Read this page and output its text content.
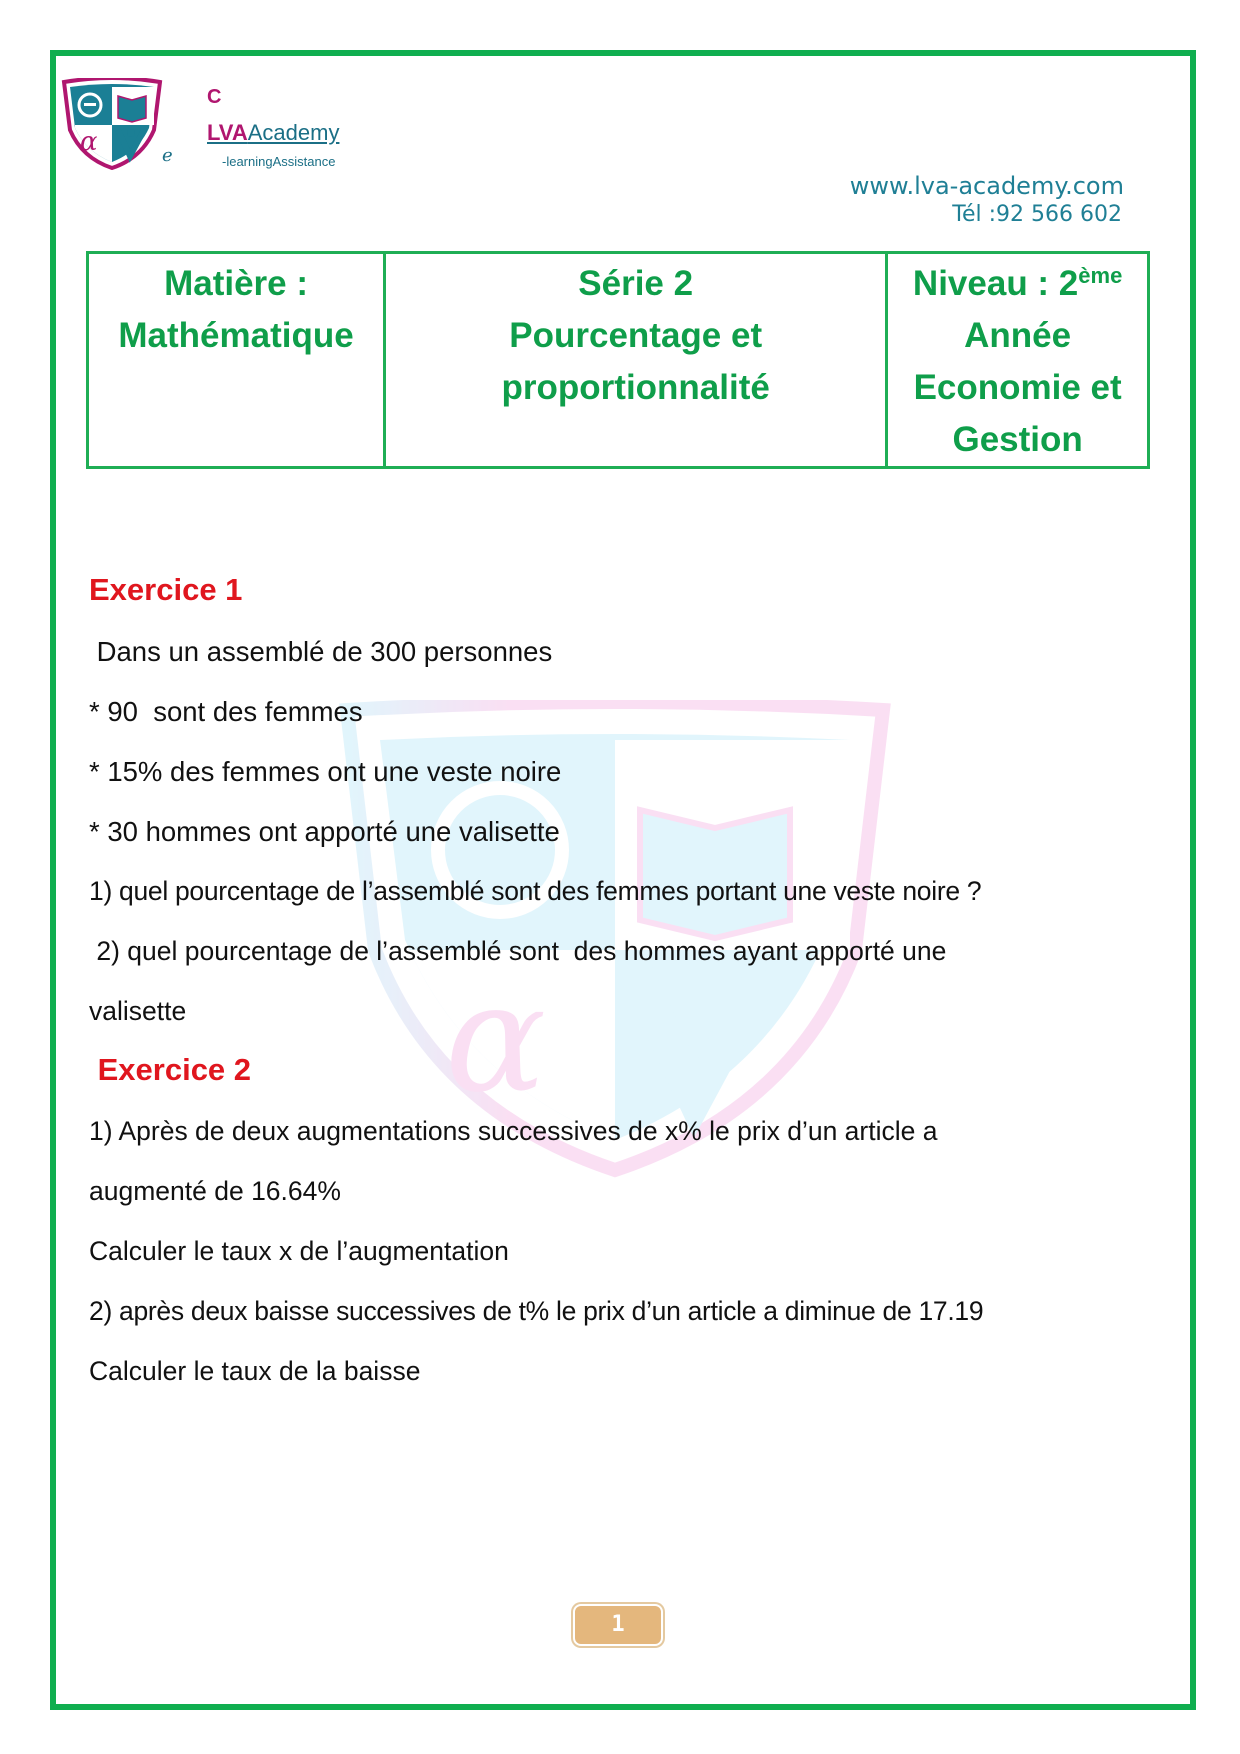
α	e
C
LVAAcademy
-learningAssistance
www.lva-academy.com
Tél :92 566 602
Matière :
Mathématique

Série 2
Pourcentage et
proportionnalité

Niveau : 2ème
Année
Economie et
Gestion
α
Exercice 1
Dans un assemblé de 300 personnes
* 90  sont des femmes
* 15% des femmes ont une veste noire
* 30 hommes ont apporté une valisette
1) quel pourcentage de l’assemblé sont des femmes portant une veste noire ?
2) quel pourcentage de l’assemblé sont  des hommes ayant apporté une
valisette
Exercice 2
1) Après de deux augmentations successives de x% le prix d’un article a
augmenté de 16.64%
Calculer le taux x de l’augmentation
2) après deux baisse successives de t% le prix d’un article a diminue de 17.19
Calculer le taux de la baisse
1
